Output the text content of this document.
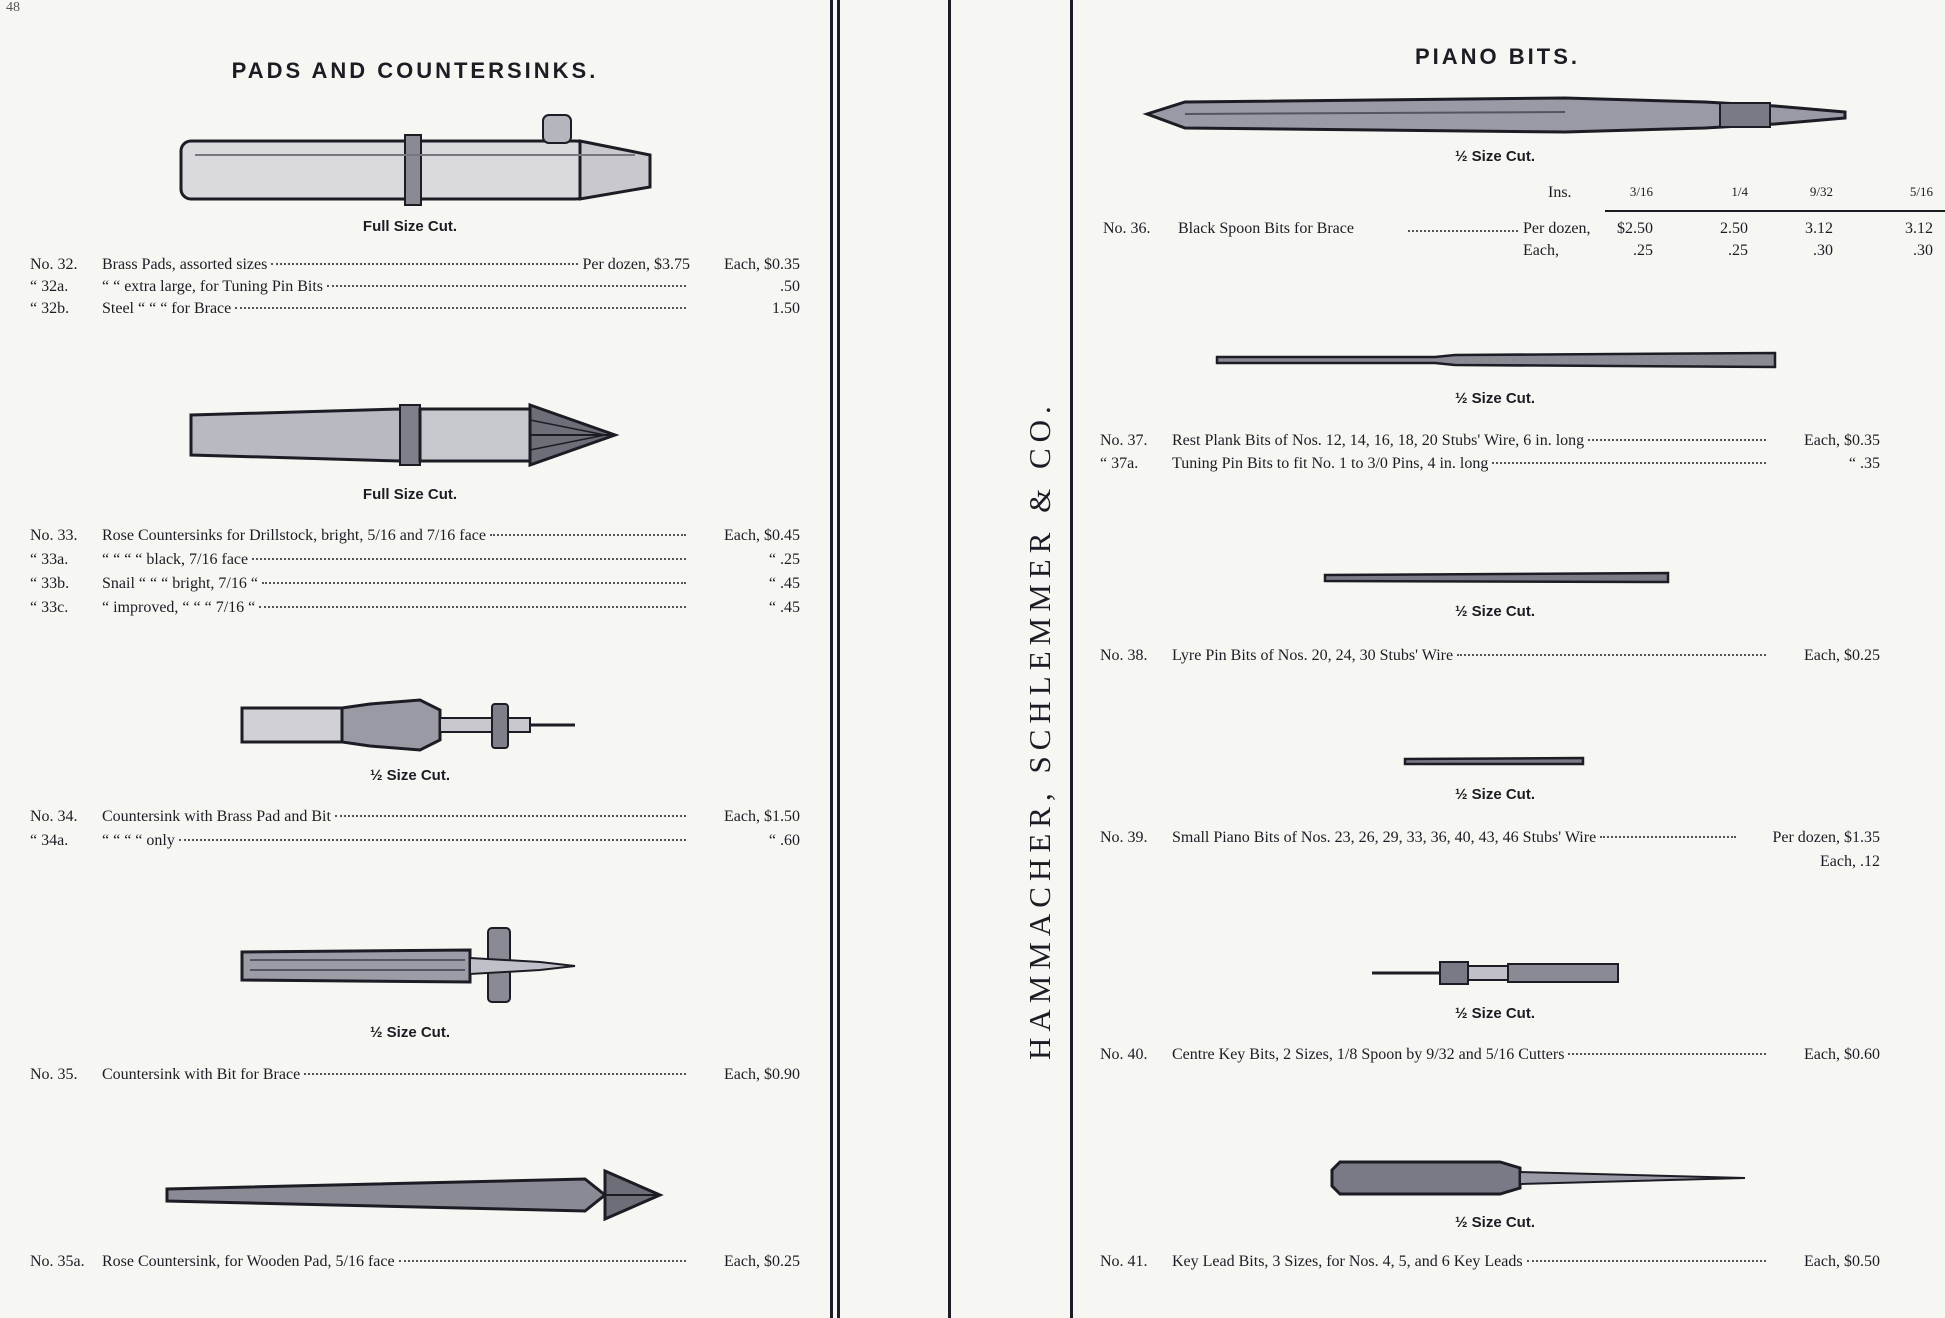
48
PADS AND COUNTERSINKS.
Full Size Cut.
No. 32.	Brass Pads, assorted sizes	Per dozen, $3.75	Each, $0.35
“ 32a.	“ “ extra large, for Tuning Pin Bits	.50
“ 32b.	Steel “ “ “ for Brace	1.50
Full Size Cut.
No. 33.	Rose Countersinks for Drillstock, bright, 5/16 and 7/16 face	Each, $0.45
“ 33a.	“ “ “ “ black, 7/16 face	“ .25
“ 33b.	Snail “ “ “ bright, 7/16 “	“ .45
“ 33c.	“ improved, “ “ “ 7/16 “	“ .45
½ Size Cut.
No. 34.	Countersink with Brass Pad and Bit	Each, $1.50
“ 34a.	“ “ “ “ only	“ .60
½ Size Cut.
No. 35.	Countersink with Bit for Brace	Each, $0.90
No. 35a.	Rose Countersink, for Wooden Pad, 5/16 face	Each, $0.25
HAMMACHER, SCHLEMMER & CO.
PIANO BITS.
½ Size Cut.
Ins.	3/16	1/4	9/32	5/16
No. 36. Black Spoon Bits for Brace	Per dozen,	$2.50	2.50	3.12	3.12
Each,	.25	.25	.30	.30
½ Size Cut.
No. 37.	Rest Plank Bits of Nos. 12, 14, 16, 18, 20 Stubs' Wire, 6 in. long	Each, $0.35
“ 37a.	Tuning Pin Bits to fit No. 1 to 3/0 Pins, 4 in. long	“ .35
½ Size Cut.
No. 38.	Lyre Pin Bits of Nos. 20, 24, 30 Stubs' Wire	Each, $0.25
½ Size Cut.
No. 39.	Small Piano Bits of Nos. 23, 26, 29, 33, 36, 40, 43, 46 Stubs' Wire	Per dozen, $1.35
Each, .12
½ Size Cut.
No. 40.	Centre Key Bits, 2 Sizes, 1/8 Spoon by 9/32 and 5/16 Cutters	Each, $0.60
½ Size Cut.
No. 41.	Key Lead Bits, 3 Sizes, for Nos. 4, 5, and 6 Key Leads	Each, $0.50
